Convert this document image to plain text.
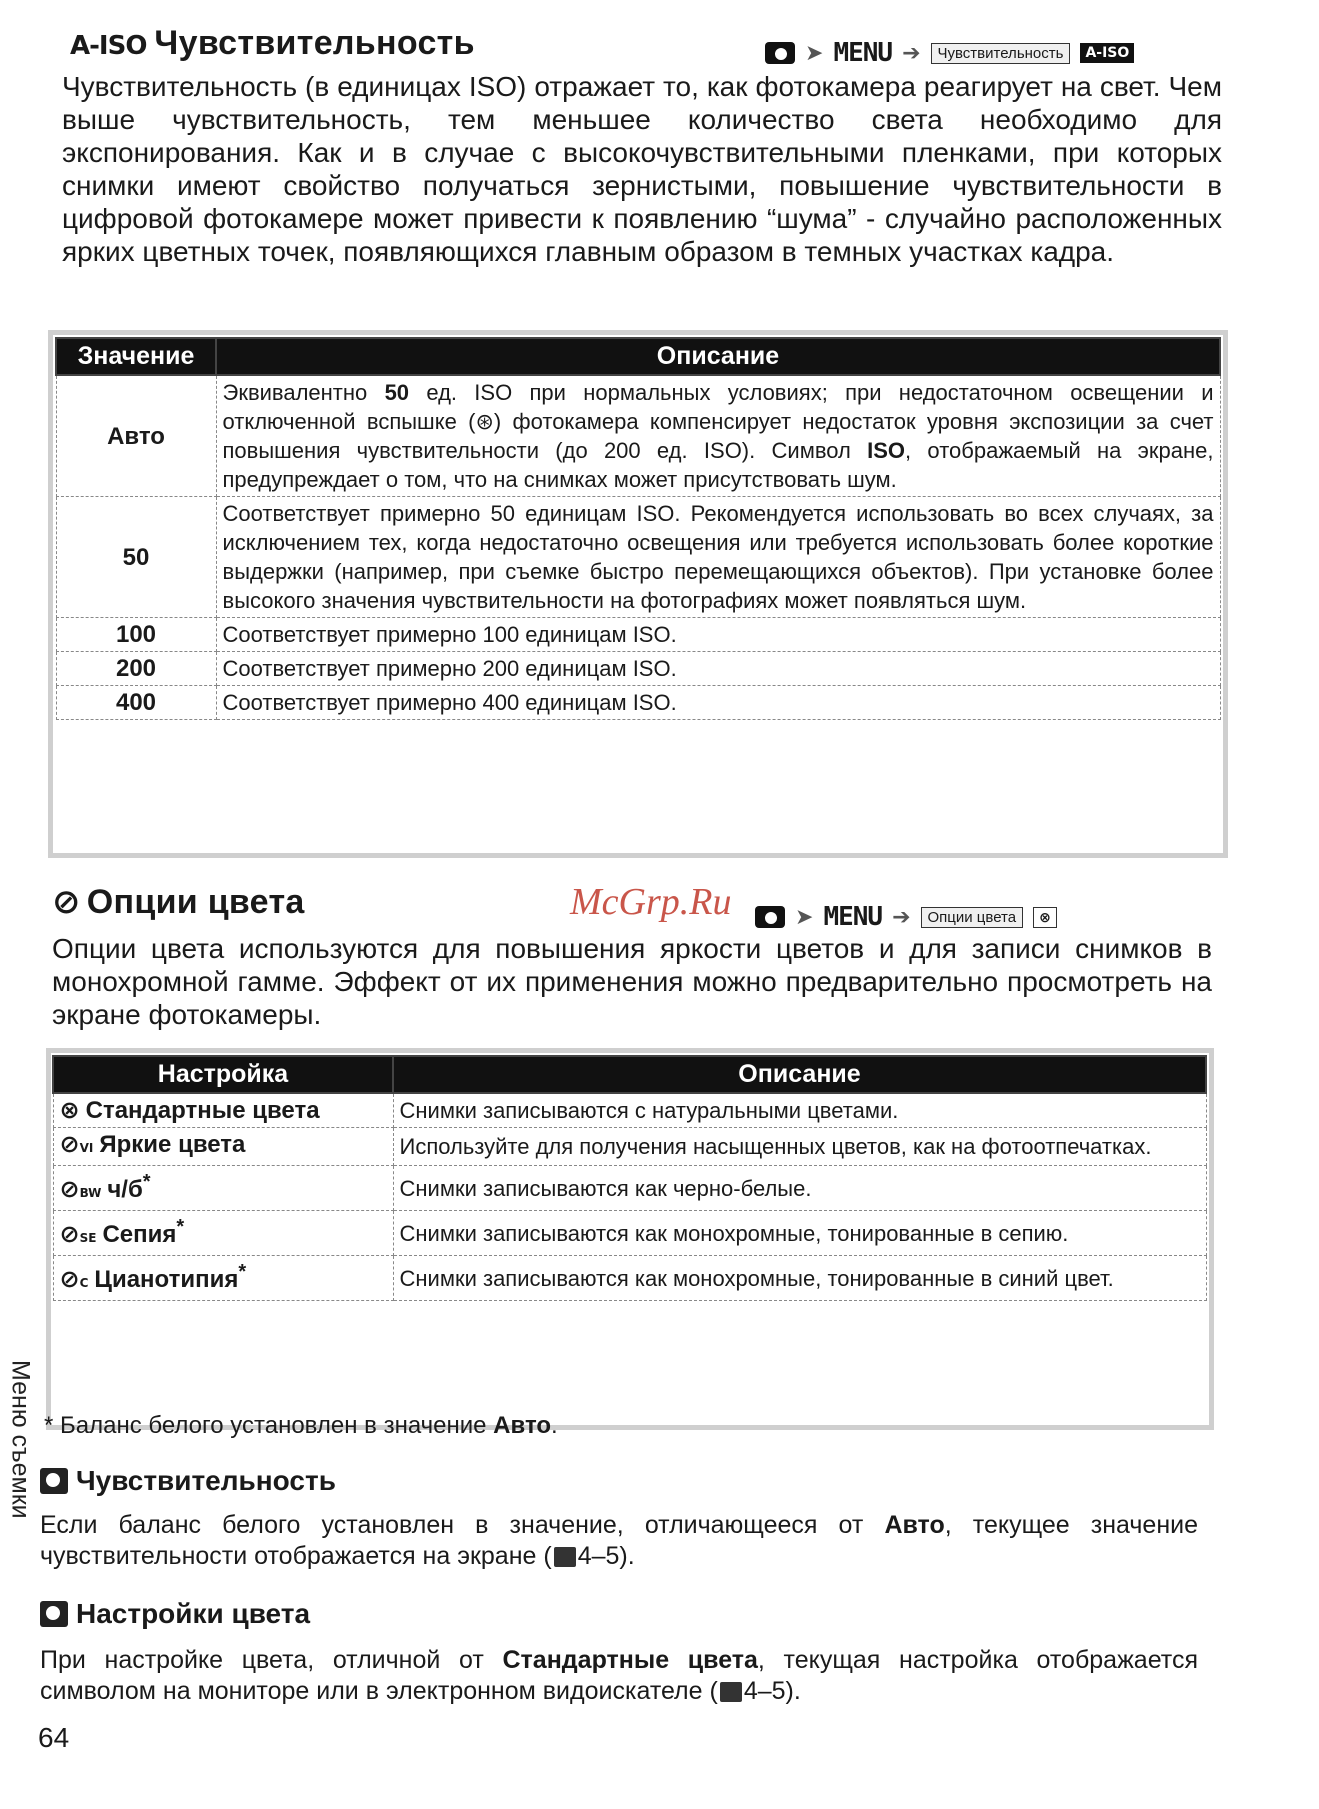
A-ISO Чувствительность	➤ MENU ➔	Чувствительность	A-ISO

Чувствительность (в единицах ISO) отражает то, как фотокамера реагирует на свет. Чем выше чувствительность, тем меньшее количество света необходимо для экспонирования. Как и в случае с высокочувствительными пленками, при которых снимки имеют свойство получаться зернистыми, повышение чувствительности в цифровой фотокамере может привести к появлению “шума” - случайно расположенных ярких цветных точек, появляющихся главным образом в темных участках кадра.

Значение	Описание
Авто	Эквивалентно 50 ед. ISO при нормальных условиях; при недостаточном освещении и отключенной вспышке (⊛) фотокамера компенсирует недостаток уровня экспозиции за счет повышения чувствительности (до 200 ед. ISO). Символ ISO, отображаемый на экране, предупреждает о том, что на снимках может присутствовать шум.
50	Соответствует примерно 50 единицам ISO. Рекомендуется использовать во всех случаях, за исключением тех, когда недостаточно освещения или требуется использовать более короткие выдержки (например, при съемке быстро перемещающихся объектов). При установке более высокого значения чувствительности на фотографиях может появляться шум.
100	Соответствует примерно 100 единицам ISO.
200	Соответствует примерно 200 единицам ISO.
400	Соответствует примерно 400 единицам ISO.
⊘ Опции цвета	McGrp.Ru	➤ MENU ➔	Опции цвета	⊗

Опции цвета используются для повышения яркости цветов и для записи снимков в монохромной гамме. Эффект от их применения можно предварительно просмотреть на экране фотокамеры.

Настройка	Описание
⊗ Стандартные цвета	Снимки записываются с натуральными цветами.
⊘VI Яркие цвета	Используйте для получения насыщенных цветов, как на фотоотпечатках.
⊘BW ч/б*	Снимки записываются как черно-белые.
⊘SE Сепия*	Снимки записываются как монохромные, тонированные в сепию.
⊘C Цианотипия*	Снимки записываются как монохромные, тонированные в синий цвет.
* Баланс белого установлен в значение Авто.
Чувствительность

Если баланс белого установлен в значение, отличающееся от Авто, текущее значение чувствительности отображается на экране ( 4–5).

Настройки цвета

При настройке цвета, отличной от Стандартные цвета, текущая настройка отображается символом на мониторе или в электронном видоискателе ( 4–5).

Меню съемки
64
